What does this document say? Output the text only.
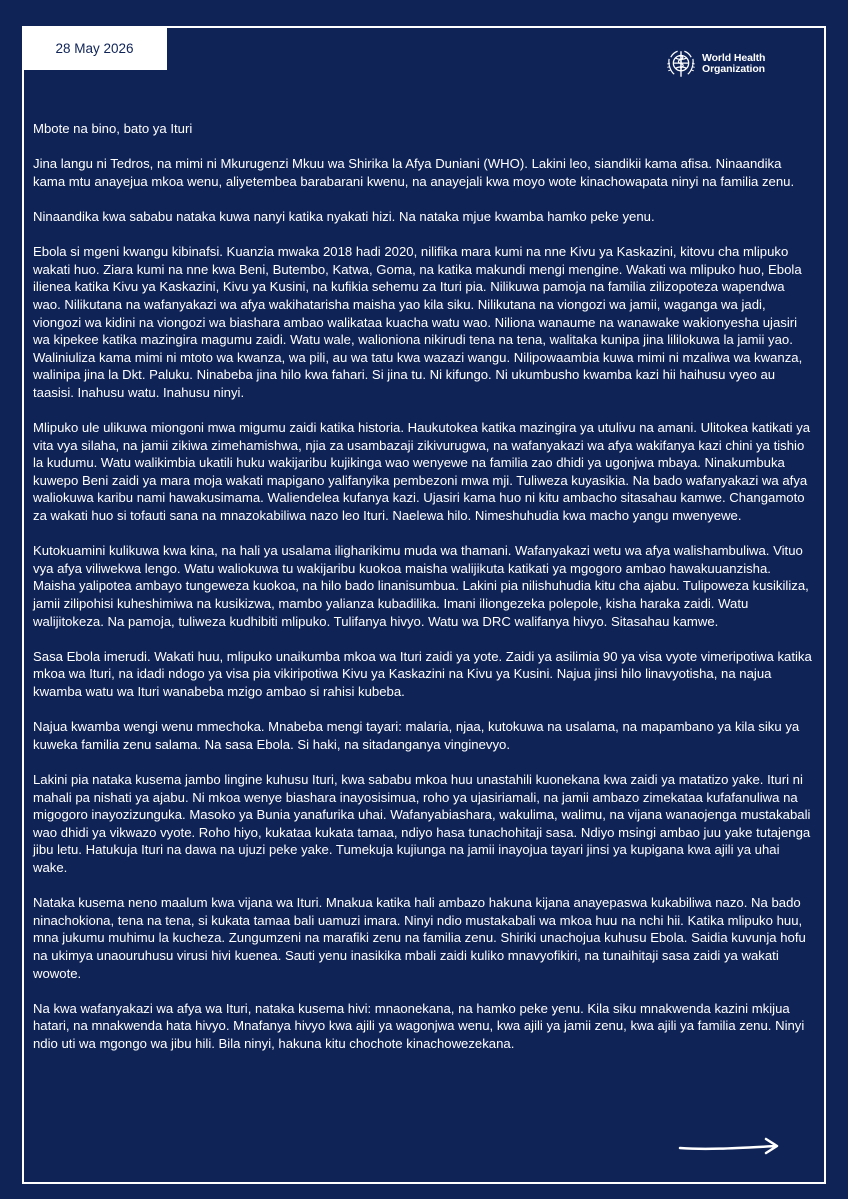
28 May 2026
World Health
Organization

Mbote na bino, bato ya Ituri

Jina langu ni Tedros, na mimi ni Mkurugenzi Mkuu wa Shirika la Afya Duniani (WHO). Lakini leo, siandikii kama afisa. Ninaandika kama mtu anayejua mkoa wenu, aliyetembea barabarani kwenu, na anayejali kwa moyo wote kinachowapata ninyi na familia zenu.

Ninaandika kwa sababu nataka kuwa nanyi katika nyakati hizi. Na nataka mjue kwamba hamko peke yenu.

Ebola si mgeni kwangu kibinafsi. Kuanzia mwaka 2018 hadi 2020, nilifika mara kumi na nne Kivu ya Kaskazini, kitovu cha mlipuko wakati huo. Ziara kumi na nne kwa Beni, Butembo, Katwa, Goma, na katika makundi mengi mengine. Wakati wa mlipuko huo, Ebola ilienea katika Kivu ya Kaskazini, Kivu ya Kusini, na kufikia sehemu za Ituri pia. Nilikuwa pamoja na familia zilizopoteza wapendwa wao. Nilikutana na wafanyakazi wa afya wakihatarisha maisha yao kila siku. Nilikutana na viongozi wa jamii, waganga wa jadi, viongozi wa kidini na viongozi wa biashara ambao walikataa kuacha watu wao. Niliona wanaume na wanawake wakionyesha ujasiri wa kipekee katika mazingira magumu zaidi. Watu wale, walioniona nikirudi tena na tena, walitaka kunipa jina lililokuwa la jamii yao. Waliniuliza kama mimi ni mtoto wa kwanza, wa pili, au wa tatu kwa wazazi wangu. Nilipowaambia kuwa mimi ni mzaliwa wa kwanza, walinipa jina la Dkt. Paluku. Ninabeba jina hilo kwa fahari. Si jina tu. Ni kifungo. Ni ukumbusho kwamba kazi hii haihusu vyeo au taasisi. Inahusu watu. Inahusu ninyi.

Mlipuko ule ulikuwa miongoni mwa migumu zaidi katika historia. Haukutokea katika mazingira ya utulivu na amani. Ulitokea katikati ya vita vya silaha, na jamii zikiwa zimehamishwa, njia za usambazaji zikivurugwa, na wafanyakazi wa afya wakifanya kazi chini ya tishio la kudumu. Watu walikimbia ukatili huku wakijaribu kujikinga wao wenyewe na familia zao dhidi ya ugonjwa mbaya. Ninakumbuka kuwepo Beni zaidi ya mara moja wakati mapigano yalifanyika pembezoni mwa mji. Tuliweza kuyasikia. Na bado wafanyakazi wa afya waliokuwa karibu nami hawakusimama. Waliendelea kufanya kazi. Ujasiri kama huo ni kitu ambacho sitasahau kamwe. Changamoto za wakati huo si tofauti sana na mnazokabiliwa nazo leo Ituri. Naelewa hilo. Nimeshuhudia kwa macho yangu mwenyewe.

Kutokuamini kulikuwa kwa kina, na hali ya usalama iligharikimu muda wa thamani. Wafanyakazi wetu wa afya walishambuliwa. Vituo vya afya viliwekwa lengo. Watu waliokuwa tu wakijaribu kuokoa maisha walijikuta katikati ya mgogoro ambao hawakuuanzisha. Maisha yalipotea ambayo tungeweza kuokoa, na hilo bado linanisumbua. Lakini pia nilishuhudia kitu cha ajabu. Tulipoweza kusikiliza, jamii zilipohisi kuheshimiwa na kusikizwa, mambo yalianza kubadilika. Imani iliongezeka polepole, kisha haraka zaidi. Watu walijitokeza. Na pamoja, tuliweza kudhibiti mlipuko. Tulifanya hivyo. Watu wa DRC walifanya hivyo. Sitasahau kamwe.

Sasa Ebola imerudi. Wakati huu, mlipuko unaikumba mkoa wa Ituri zaidi ya yote. Zaidi ya asilimia 90 ya visa vyote vimeripotiwa katika mkoa wa Ituri, na idadi ndogo ya visa pia vikiripotiwa Kivu ya Kaskazini na Kivu ya Kusini. Najua jinsi hilo linavyotisha, na najua kwamba watu wa Ituri wanabeba mzigo ambao si rahisi kubeba.

Najua kwamba wengi wenu mmechoka. Mnabeba mengi tayari: malaria, njaa, kutokuwa na usalama, na mapambano ya kila siku ya kuweka familia zenu salama. Na sasa Ebola. Si haki, na sitadanganya vinginevyo.

Lakini pia nataka kusema jambo lingine kuhusu Ituri, kwa sababu mkoa huu unastahili kuonekana kwa zaidi ya matatizo yake. Ituri ni mahali pa nishati ya ajabu. Ni mkoa wenye biashara inayosisimua, roho ya ujasiriamali, na jamii ambazo zimekataa kufafanuliwa na migogoro inayozizunguka. Masoko ya Bunia yanafurika uhai. Wafanyabiashara, wakulima, walimu, na vijana wanaojenga mustakabali wao dhidi ya vikwazo vyote. Roho hiyo, kukataa kukata tamaa, ndiyo hasa tunachohitaji sasa. Ndiyo msingi ambao juu yake tutajenga jibu letu. Hatukuja Ituri na dawa na ujuzi peke yake. Tumekuja kujiunga na jamii inayojua tayari jinsi ya kupigana kwa ajili ya uhai wake.

Nataka kusema neno maalum kwa vijana wa Ituri. Mnakua katika hali ambazo hakuna kijana anayepaswa kukabiliwa nazo. Na bado ninachokiona, tena na tena, si kukata tamaa bali uamuzi imara. Ninyi ndio mustakabali wa mkoa huu na nchi hii. Katika mlipuko huu, mna jukumu muhimu la kucheza. Zungumzeni na marafiki zenu na familia zenu. Shiriki unachojua kuhusu Ebola. Saidia kuvunja hofu na ukimya unaouruhusu virusi hivi kuenea. Sauti yenu inasikika mbali zaidi kuliko mnavyofikiri, na tunaihitaji sasa zaidi ya wakati wowote.

Na kwa wafanyakazi wa afya wa Ituri, nataka kusema hivi: mnaonekana, na hamko peke yenu. Kila siku mnakwenda kazini mkijua hatari, na mnakwenda hata hivyo. Mnafanya hivyo kwa ajili ya wagonjwa wenu, kwa ajili ya jamii zenu, kwa ajili ya familia zenu. Ninyi ndio uti wa mgongo wa jibu hili. Bila ninyi, hakuna kitu chochote kinachowezekana.
